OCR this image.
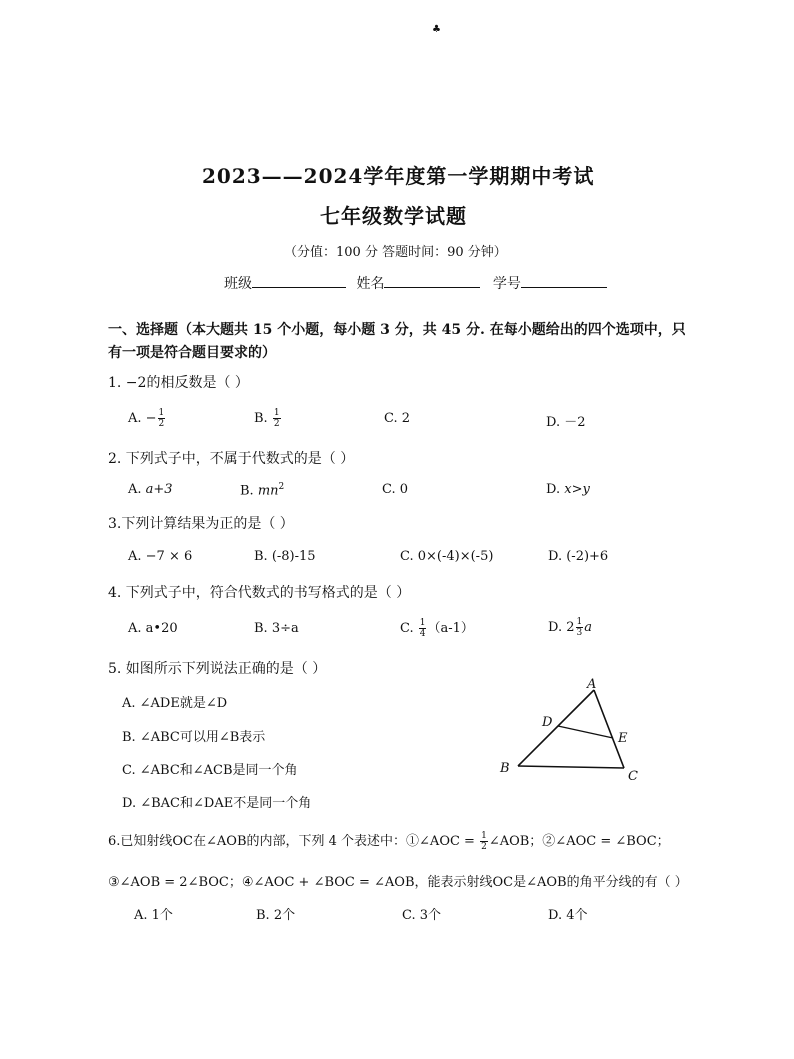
♣
2023——2024学年度第一学期期中考试
七年级数学试题
（分值：100 分 答题时间：90 分钟）
班级	姓名	学号
一、选择题（本大题共 15 个小题，每小题 3 分，共 45 分. 在每小题给出的四个选项中，只
有一项是符合题目要求的）
1. −2的相反数是（ ）
A. − $\frac{1}{2}$	B. $\frac{1}{2}$	C. 2	D. －2
2. 下列式子中，不属于代数式的是（ ）
A. a+3	B. $mn^2$	C. 0	D. x>y
3.下列计算结果为正的是（ ）
A. −7 × 6	B. (-8)-15	C. 0×(-4)×(-5)	D. (-2)+6
4. 下列式子中，符合代数式的书写格式的是（ ）
A. a•20	B. 3÷a	C. $\frac{1}{4} (a-1)$	D. $2 \frac{1}{3}$ a
5. 如图所示下列说法正确的是（ ）
A. ∠ADE就是∠D
B. ∠ABC可以用∠B表示
C. ∠ABC和∠ACB是同一个角
D. ∠BAC和∠DAE不是同一个角
A
D
E
B
C
6.已知射线OC在∠AOB的内部，下列 4 个表述中：①∠AOC = $\frac{1}{2}$ ∠AOB；②∠AOC = ∠BOC；
③∠AOB = 2∠BOC；④∠AOC + ∠BOC = ∠AOB，能表示射线OC是∠AOB的角平分线的有（ ）
A. 1个	B. 2个	C. 3个	D. 4个
